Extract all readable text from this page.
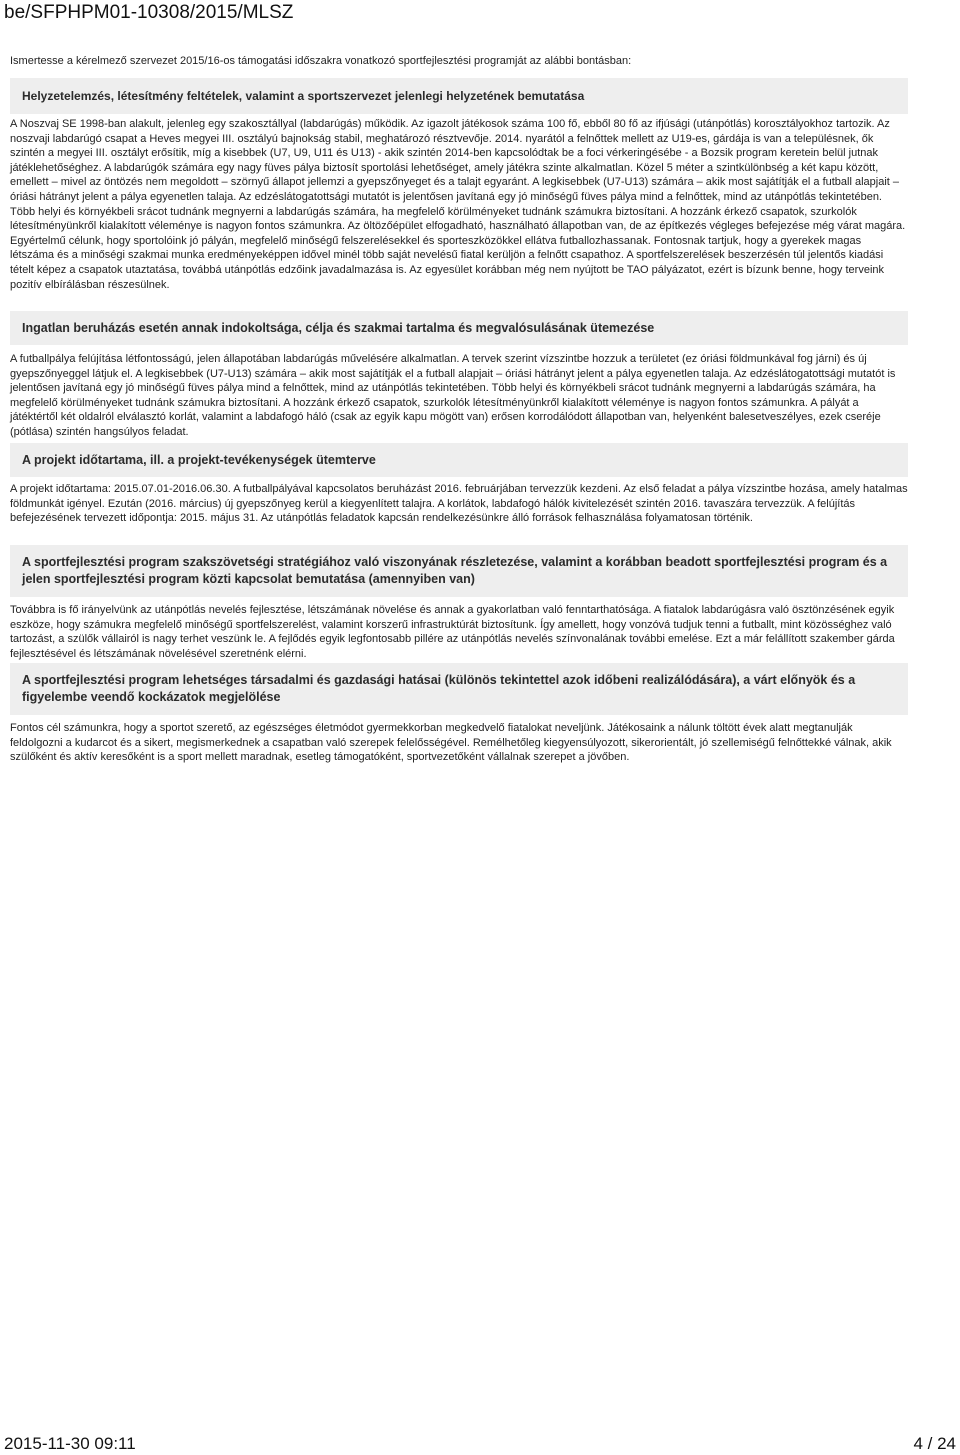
be/SFPHPM01-10308/2015/MLSZ
Ismertesse a kérelmező szervezet 2015/16-os támogatási időszakra vonatkozó sportfejlesztési programját az alábbi bontásban:
Helyzetelemzés, létesítmény feltételek, valamint a sportszervezet jelenlegi helyzetének bemutatása
A Noszvaj SE 1998-ban alakult, jelenleg egy szakosztállyal (labdarúgás) működik. Az igazolt játékosok száma 100 fő, ebből 80 fő az ifjúsági (utánpótlás) korosztályokhoz tartozik. Az noszvaji labdarúgó csapat a Heves megyei III. osztályú bajnokság stabil, meghatározó résztvevője. 2014. nyarától a felnőttek mellett az U19-es, gárdája is van a településnek, ők szintén a megyei III. osztályt erősítik, míg a kisebbek (U7, U9, U11 és U13) - akik szintén 2014-ben kapcsolódtak be a foci vérkeringésébe - a Bozsik program keretein belül jutnak játéklehetőséghez. A labdarúgók számára egy nagy füves pálya biztosít sportolási lehetőséget, amely játékra szinte alkalmatlan. Közel 5 méter a szintkülönbség a két kapu között, emellett – mivel az öntözés nem megoldott – szörnyű állapot jellemzi a gyepszőnyeget és a talajt egyaránt. A legkisebbek (U7-U13) számára – akik most sajátítják el a futball alapjait – óriási hátrányt jelent a pálya egyenetlen talaja. Az edzéslátogatottsági mutatót is jelentősen javítaná egy jó minőségű füves pálya mind a felnőttek, mind az utánpótlás tekintetében. Több helyi és környékbeli srácot tudnánk megnyerni a labdarúgás számára, ha megfelelő körülményeket tudnánk számukra biztosítani. A hozzánk érkező csapatok, szurkolók létesítményünkről kialakított véleménye is nagyon fontos számunkra. Az öltözőépület elfogadható, használható állapotban van, de az építkezés végleges befejezése még várat magára. Egyértelmű célunk, hogy sportolóink jó pályán, megfelelő minőségű felszerelésekkel és sporteszközökkel ellátva futballozhassanak. Fontosnak tartjuk, hogy a gyerekek magas létszáma és a minőségi szakmai munka eredményeképpen idővel minél több saját nevelésű fiatal kerüljön a felnőtt csapathoz. A sportfelszerelések beszerzésén túl jelentős kiadási tételt képez a csapatok utaztatása, továbbá utánpótlás edzőink javadalmazása is. Az egyesület korábban még nem nyújtott be TAO pályázatot, ezért is bízunk benne, hogy terveink pozitív elbírálásban részesülnek.
Ingatlan beruházás esetén annak indokoltsága, célja és szakmai tartalma és megvalósulásának ütemezése
A futballpálya felújítása létfontosságú, jelen állapotában labdarúgás művelésére alkalmatlan. A tervek szerint vízszintbe hozzuk a területet (ez óriási földmunkával fog járni) és új gyepszőnyeggel látjuk el. A legkisebbek (U7-U13) számára – akik most sajátítják el a futball alapjait – óriási hátrányt jelent a pálya egyenetlen talaja. Az edzéslátogatottsági mutatót is jelentősen javítaná egy jó minőségű füves pálya mind a felnőttek, mind az utánpótlás tekintetében. Több helyi és környékbeli srácot tudnánk megnyerni a labdarúgás számára, ha megfelelő körülményeket tudnánk számukra biztosítani. A hozzánk érkező csapatok, szurkolók létesítményünkről kialakított véleménye is nagyon fontos számunkra. A pályát a játéktértől két oldalról elválasztó korlát, valamint a labdafogó háló (csak az egyik kapu mögött van) erősen korrodálódott állapotban van, helyenként balesetveszélyes, ezek cseréje (pótlása) szintén hangsúlyos feladat.
A projekt időtartama, ill. a projekt-tevékenységek ütemterve
A projekt időtartama: 2015.07.01-2016.06.30. A futballpályával kapcsolatos beruházást 2016. februárjában tervezzük kezdeni. Az első feladat a pálya vízszintbe hozása, amely hatalmas földmunkát igényel. Ezután (2016. március) új gyepszőnyeg kerül a kiegyenlített talajra. A korlátok, labdafogó hálók kivitelezését szintén 2016. tavaszára tervezzük. A felújítás befejezésének tervezett időpontja: 2015. május 31. Az utánpótlás feladatok kapcsán rendelkezésünkre álló források felhasználása folyamatosan történik.
A sportfejlesztési program szakszövetségi stratégiához való viszonyának részletezése, valamint a korábban beadott sportfejlesztési program és a jelen sportfejlesztési program közti kapcsolat bemutatása (amennyiben van)
Továbbra is fő irányelvünk az utánpótlás nevelés fejlesztése, létszámának növelése és annak a gyakorlatban való fenntarthatósága. A fiatalok labdarúgásra való ösztönzésének egyik eszköze, hogy számukra megfelelő minőségű sportfelszerelést, valamint korszerű infrastruktúrát biztosítunk. Így amellett, hogy vonzóvá tudjuk tenni a futballt, mint közösséghez való tartozást, a szülők vállairól is nagy terhet veszünk le. A fejlődés egyik legfontosabb pillére az utánpótlás nevelés színvonalának további emelése. Ezt a már felállított szakember gárda fejlesztésével és létszámának növelésével szeretnénk elérni.
A sportfejlesztési program lehetséges társadalmi és gazdasági hatásai (különös tekintettel azok időbeni realizálódására), a várt előnyök és a figyelembe veendő kockázatok megjelölése
Fontos cél számunkra, hogy a sportot szerető, az egészséges életmódot gyermekkorban megkedvelő fiatalokat neveljünk. Játékosaink a nálunk töltött évek alatt megtanulják feldolgozni a kudarcot és a sikert, megismerkednek a csapatban való szerepek felelősségével. Remélhetőleg kiegyensúlyozott, sikerorientált, jó szellemiségű felnőttekké válnak, akik szülőként és aktív keresőként is a sport mellett maradnak, esetleg támogatóként, sportvezetőként vállalnak szerepet a jövőben.
2015-11-30 09:11	4 / 24
